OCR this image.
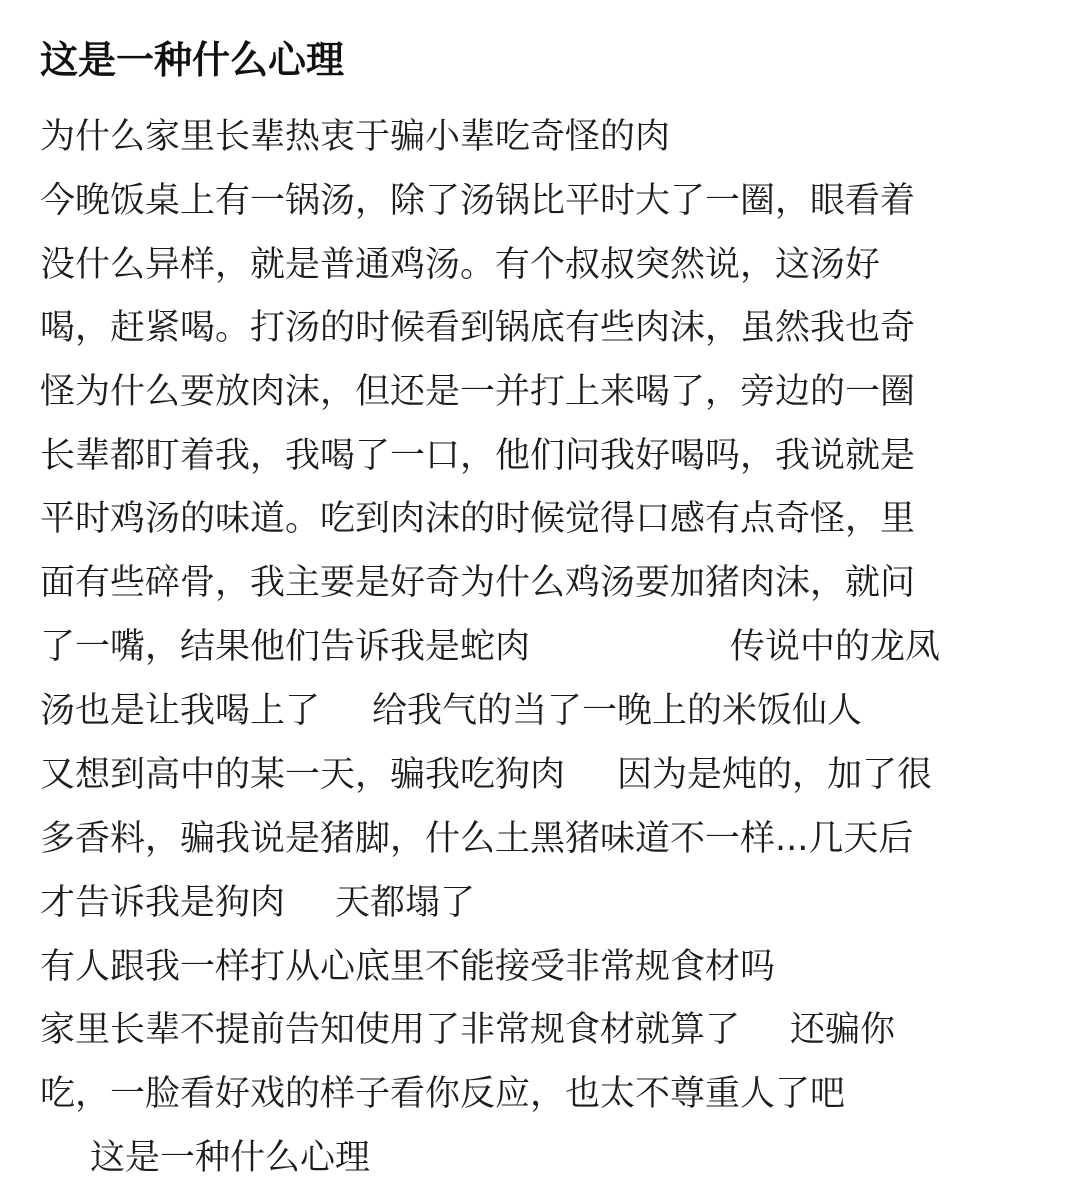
这是一种什么心理
为什么家里长辈热衷于骗小辈吃奇怪的肉
今晚饭桌上有一锅汤，除了汤锅比平时大了一圈，眼看着
没什么异样，就是普通鸡汤。有个叔叔突然说，这汤好
喝，赶紧喝。打汤的时候看到锅底有些肉沫，虽然我也奇
怪为什么要放肉沫，但还是一并打上来喝了，旁边的一圈
长辈都盯着我，我喝了一口，他们问我好喝吗，我说就是
平时鸡汤的味道。吃到肉沫的时候觉得口感有点奇怪，里
面有些碎骨，我主要是好奇为什么鸡汤要加猪肉沫，就问
了一嘴，结果他们告诉我是蛇肉	传说中的龙凤
汤也是让我喝上了 给我气的当了一晚上的米饭仙人
又想到高中的某一天，骗我吃狗肉 因为是炖的，加了很
多香料，骗我说是猪脚，什么土黑猪味道不一样...几天后
才告诉我是狗肉 天都塌了
有人跟我一样打从心底里不能接受非常规食材吗
家里长辈不提前告知使用了非常规食材就算了 还骗你
吃，一脸看好戏的样子看你反应，也太不尊重人了吧
这是一种什么心理
